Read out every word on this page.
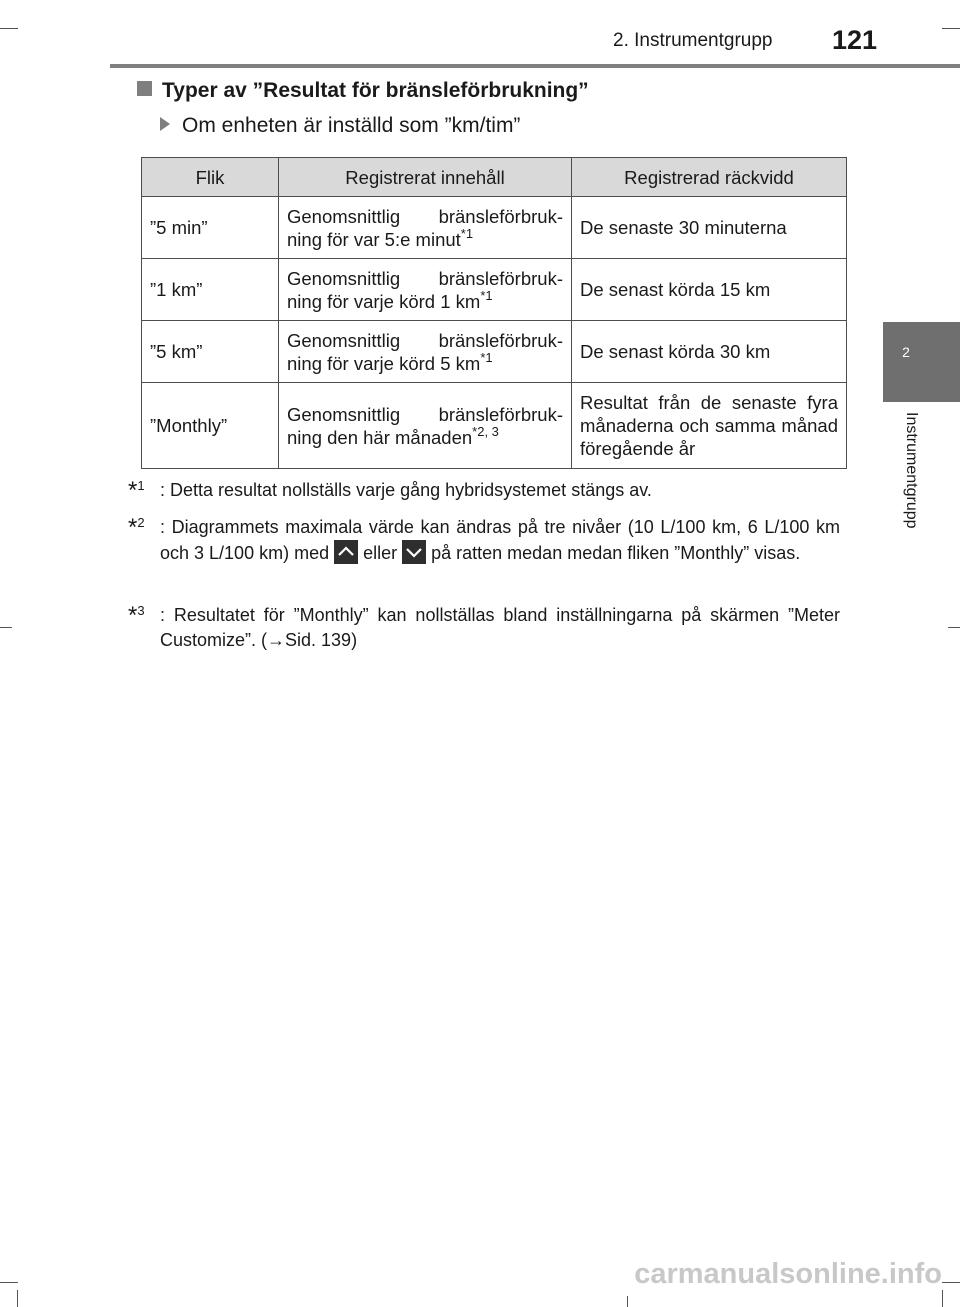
2. Instrumentgrupp 121
2
Instrumentgrupp
Typer av ”Resultat för bränsleförbrukning”
Om enheten är inställd som ”km/tim”
Flik	Registrerat innehåll	Registrerad räckvidd
”5 min”	Genomsnittlig bränsleförbruk-ning för var 5:e minut$^{*1}$	De senaste 30 minuterna
”1 km”	Genomsnittlig bränsleförbruk-ning för varje körd 1 $km^{*1}$	De senast körda 15 km
”5 km”	Genomsnittlig bränsleförbruk-ning för varje körd 5 $km^{*1}$	De senast körda 30 km
”Monthly”	Genomsnittlig bränsleförbruk-ning den här månaden$^{*2, 3}$	Resultat från de senaste fyra månaderna och samma månad föregående år
*$^1$ : Detta resultat nollställs varje gång hybridsystemet stängs av.
*$^2$ : Diagrammets maximala värde kan ändras på tre nivåer (10 L/100 km, 6 L/100 km och 3 L/100 km) med eller på ratten medan medan fliken ”Monthly” visas.
*$^3$ : Resultatet för ”Monthly” kan nollställas bland inställningarna på skärmen ”Meter Customize”. (→Sid. 139)
carmanualsonline.info
